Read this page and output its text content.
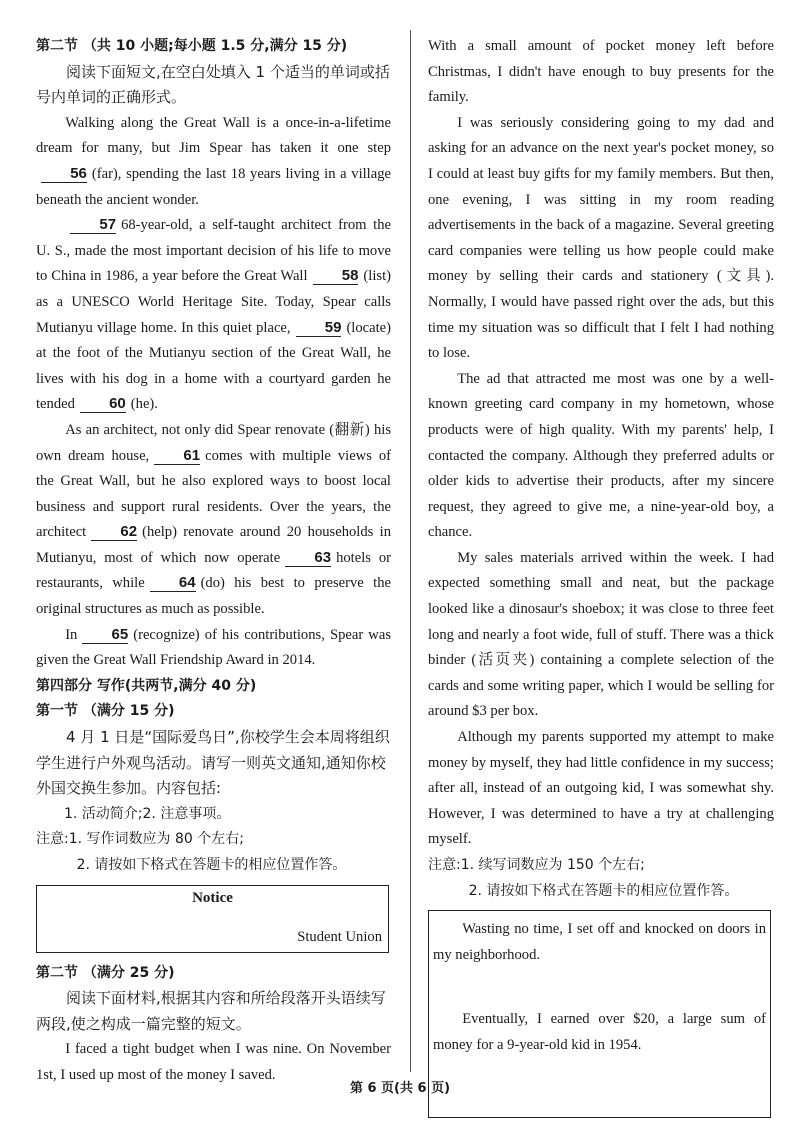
第二节 （共 10 小题;每小题 1.5 分,满分 15 分)

阅读下面短文,在空白处填入 1 个适当的单词或括号内单词的正确形式。

Walking along the Great Wall is a once-in-a-lifetime dream for many, but Jim Spear has taken it one step56 (far), spending the last 18 years living in a village beneath the ancient wonder.

57 68-year-old, a self-taught architect from the U. S., made the most important decision of his life to move to China in 1986, a year before the Great Wall 58 (list) as a UNESCO World Heritage Site. Today, Spear calls Mutianyu village home. In this quiet place, 59 (locate) at the foot of the Mutianyu section of the Great Wall, he lives with his dog in a home with a courtyard garden he tended 60 (he).

As an architect, not only did Spear renovate (翻新) his own dream house, 61 comes with multiple views of the Great Wall, but he also explored ways to boost local business and support rural residents. Over the years, the architect 62 (help) renovate around 20 households in Mutianyu, most of which now operate 63 hotels or restaurants, while 64 (do) his best to preserve the original structures as much as possible.

In 65 (recognize) of his contributions, Spear was given the Great Wall Friendship Award in 2014.

第四部分 写作(共两节,满分 40 分)

第一节 （满分 15 分)

4 月 1 日是“国际爱鸟日”,你校学生会本周将组织学生进行户外观鸟活动。请写一则英文通知,通知你校外国交换生参加。内容包括:

1. 活动简介;2. 注意事项。

注意:1. 写作词数应为 80 个左右;

2. 请按如下格式在答题卡的相应位置作答。

Notice
Student Union

第二节 （满分 25 分)

阅读下面材料,根据其内容和所给段落开头语续写两段,使之构成一篇完整的短文。

I faced a tight budget when I was nine. On November 1st, I used up most of the money I saved.

With a small amount of pocket money left before Christmas, I didn't have enough to buy presents for the family.

I was seriously considering going to my dad and asking for an advance on the next year's pocket money, so I could at least buy gifts for my family members. But then, one evening, I was sitting in my room reading advertisements in the back of a magazine. Several greeting card companies were telling us how people could make money by selling their cards and stationery (文具). Normally, I would have passed right over the ads, but this time my situation was so difficult that I felt I had nothing to lose.

The ad that attracted me most was one by a well-known greeting card company in my hometown, whose products were of high quality. With my parents' help, I contacted the company. Although they preferred adults or older kids to advertise their products, after my sincere request, they agreed to give me, a nine-year-old boy, a chance.

My sales materials arrived within the week. I had expected something small and neat, but the package looked like a dinosaur's shoebox; it was close to three feet long and nearly a foot wide, full of stuff. There was a thick binder (活页夹) containing a complete selection of the cards and some writing paper, which I would be selling for around $3 per box.

Although my parents supported my attempt to make money by myself, they had little confidence in my success; after all, instead of an outgoing kid, I was somewhat shy. However, I was determined to have a try at challenging myself.

注意:1. 续写词数应为 150 个左右;

2. 请按如下格式在答题卡的相应位置作答。

Wasting no time, I set off and knocked on doors in my neighborhood.

Eventually, I earned over $20, a large sum of money for a 9-year-old kid in 1954.

第 6 页(共 6 页)
